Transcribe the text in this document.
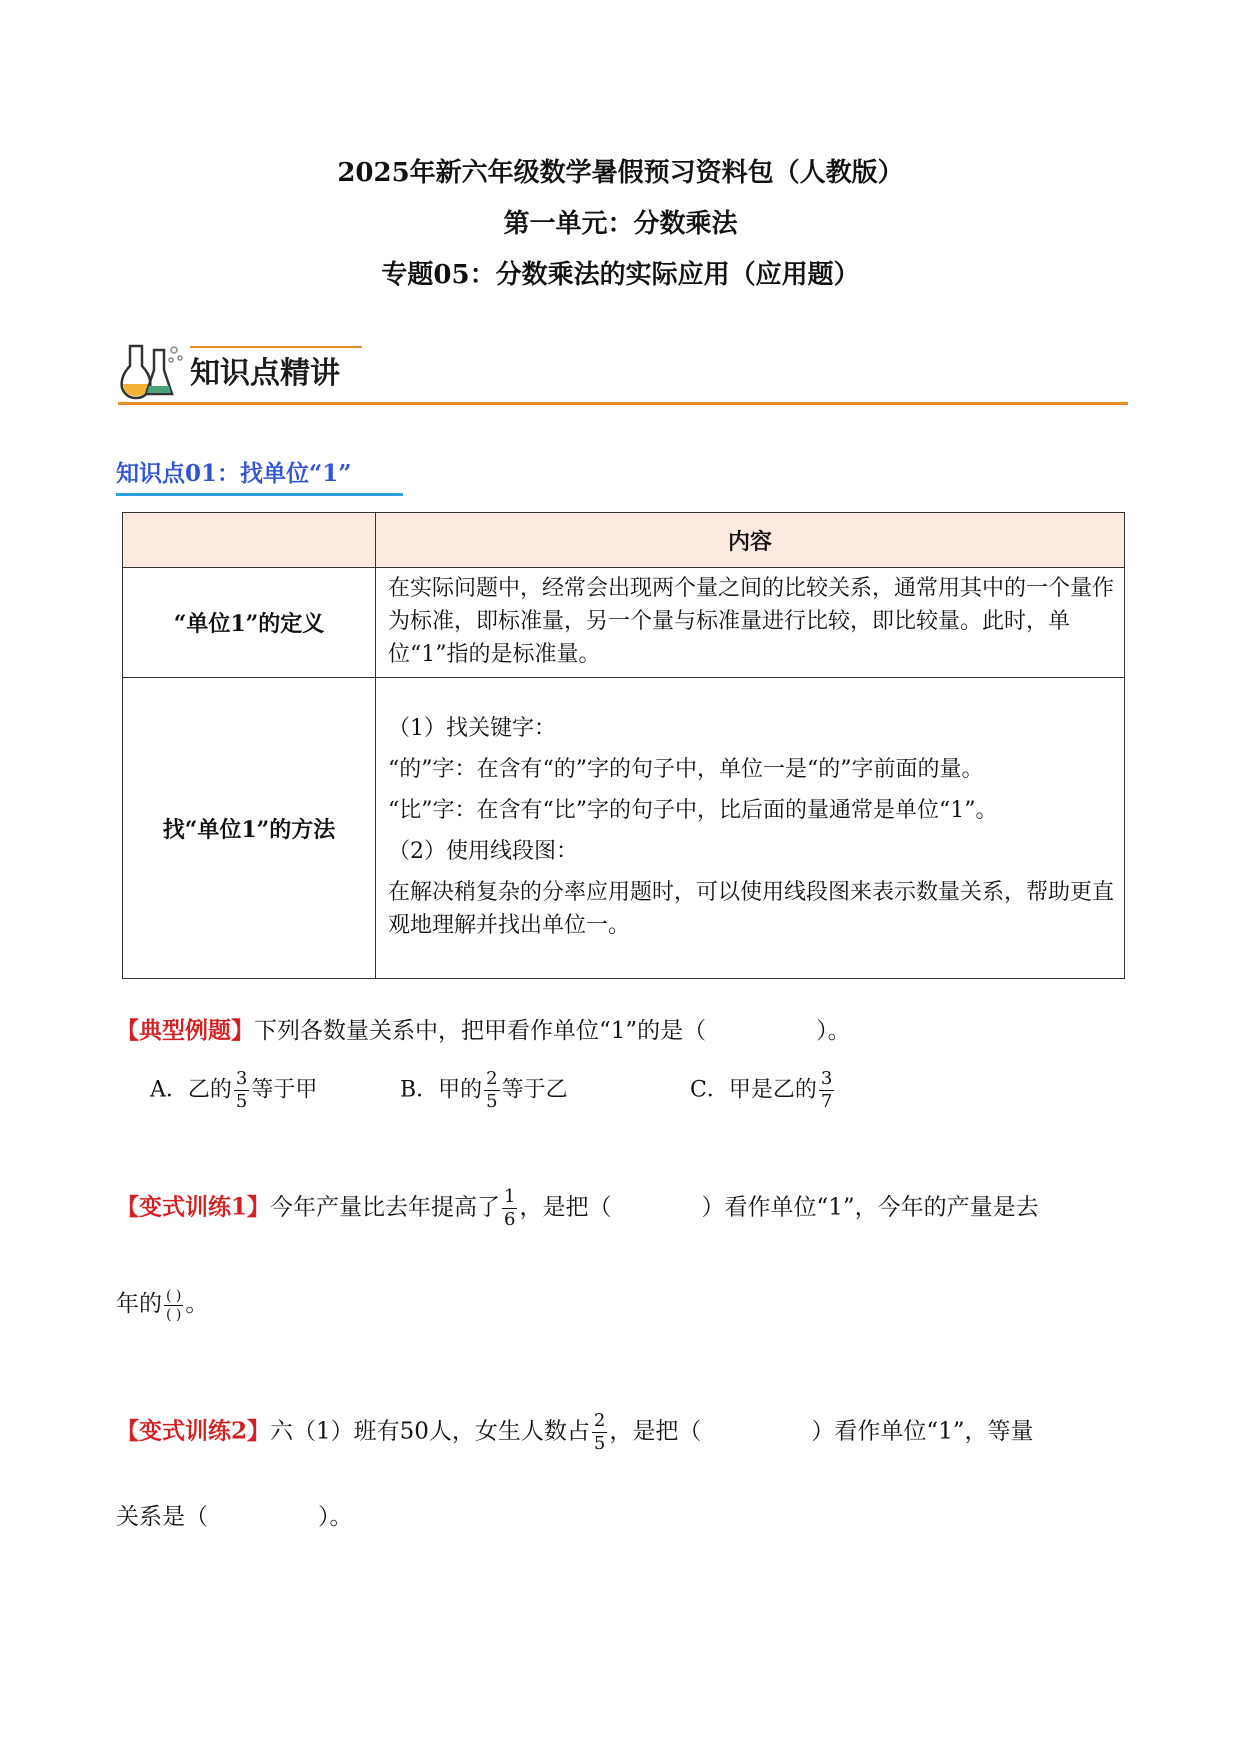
2025年新六年级数学暑假预习资料包（人教版）
第一单元：分数乘法
专题05：分数乘法的实际应用（应用题）
知识点精讲
知识点01：找单位“1”
	内容
“单位1”的定义	在实际问题中，经常会出现两个量之间的比较关系，通常用其中的一个量作为标准，即标准量，另一个量与标准量进行比较，即比较量。此时，单位“1”指的是标准量。

找“单位1”的方法	（1）找关键字：

“的”字：在含有“的”字的句子中，单位一是“的”字前面的量。

“比”字：在含有“比”字的句子中，比后面的量通常是单位“1”。

（2）使用线段图：

在解决稍复杂的分率应用题时，可以使用线段图来表示数量关系，帮助更直观地理解并找出单位一。

【典型例题】下列各数量关系中，把甲看作单位“1”的是（	）。
A．乙的 $\frac{3}{5}$ 等于甲	B．甲的 $\frac{2}{5}$ 等于乙	C．甲是乙的 $\frac{3}{7}$
【变式训练1】今年产量比去年提高了 $\frac{1}{6}$ ，是把（	）看作单位“1”，今年的产量是去
年的 $\frac{( )}{( )}$ 。
【变式训练2】六（1）班有50人，女生人数占 $\frac{2}{5}$ ，是把（	）看作单位“1”，等量
关系是（	）。
